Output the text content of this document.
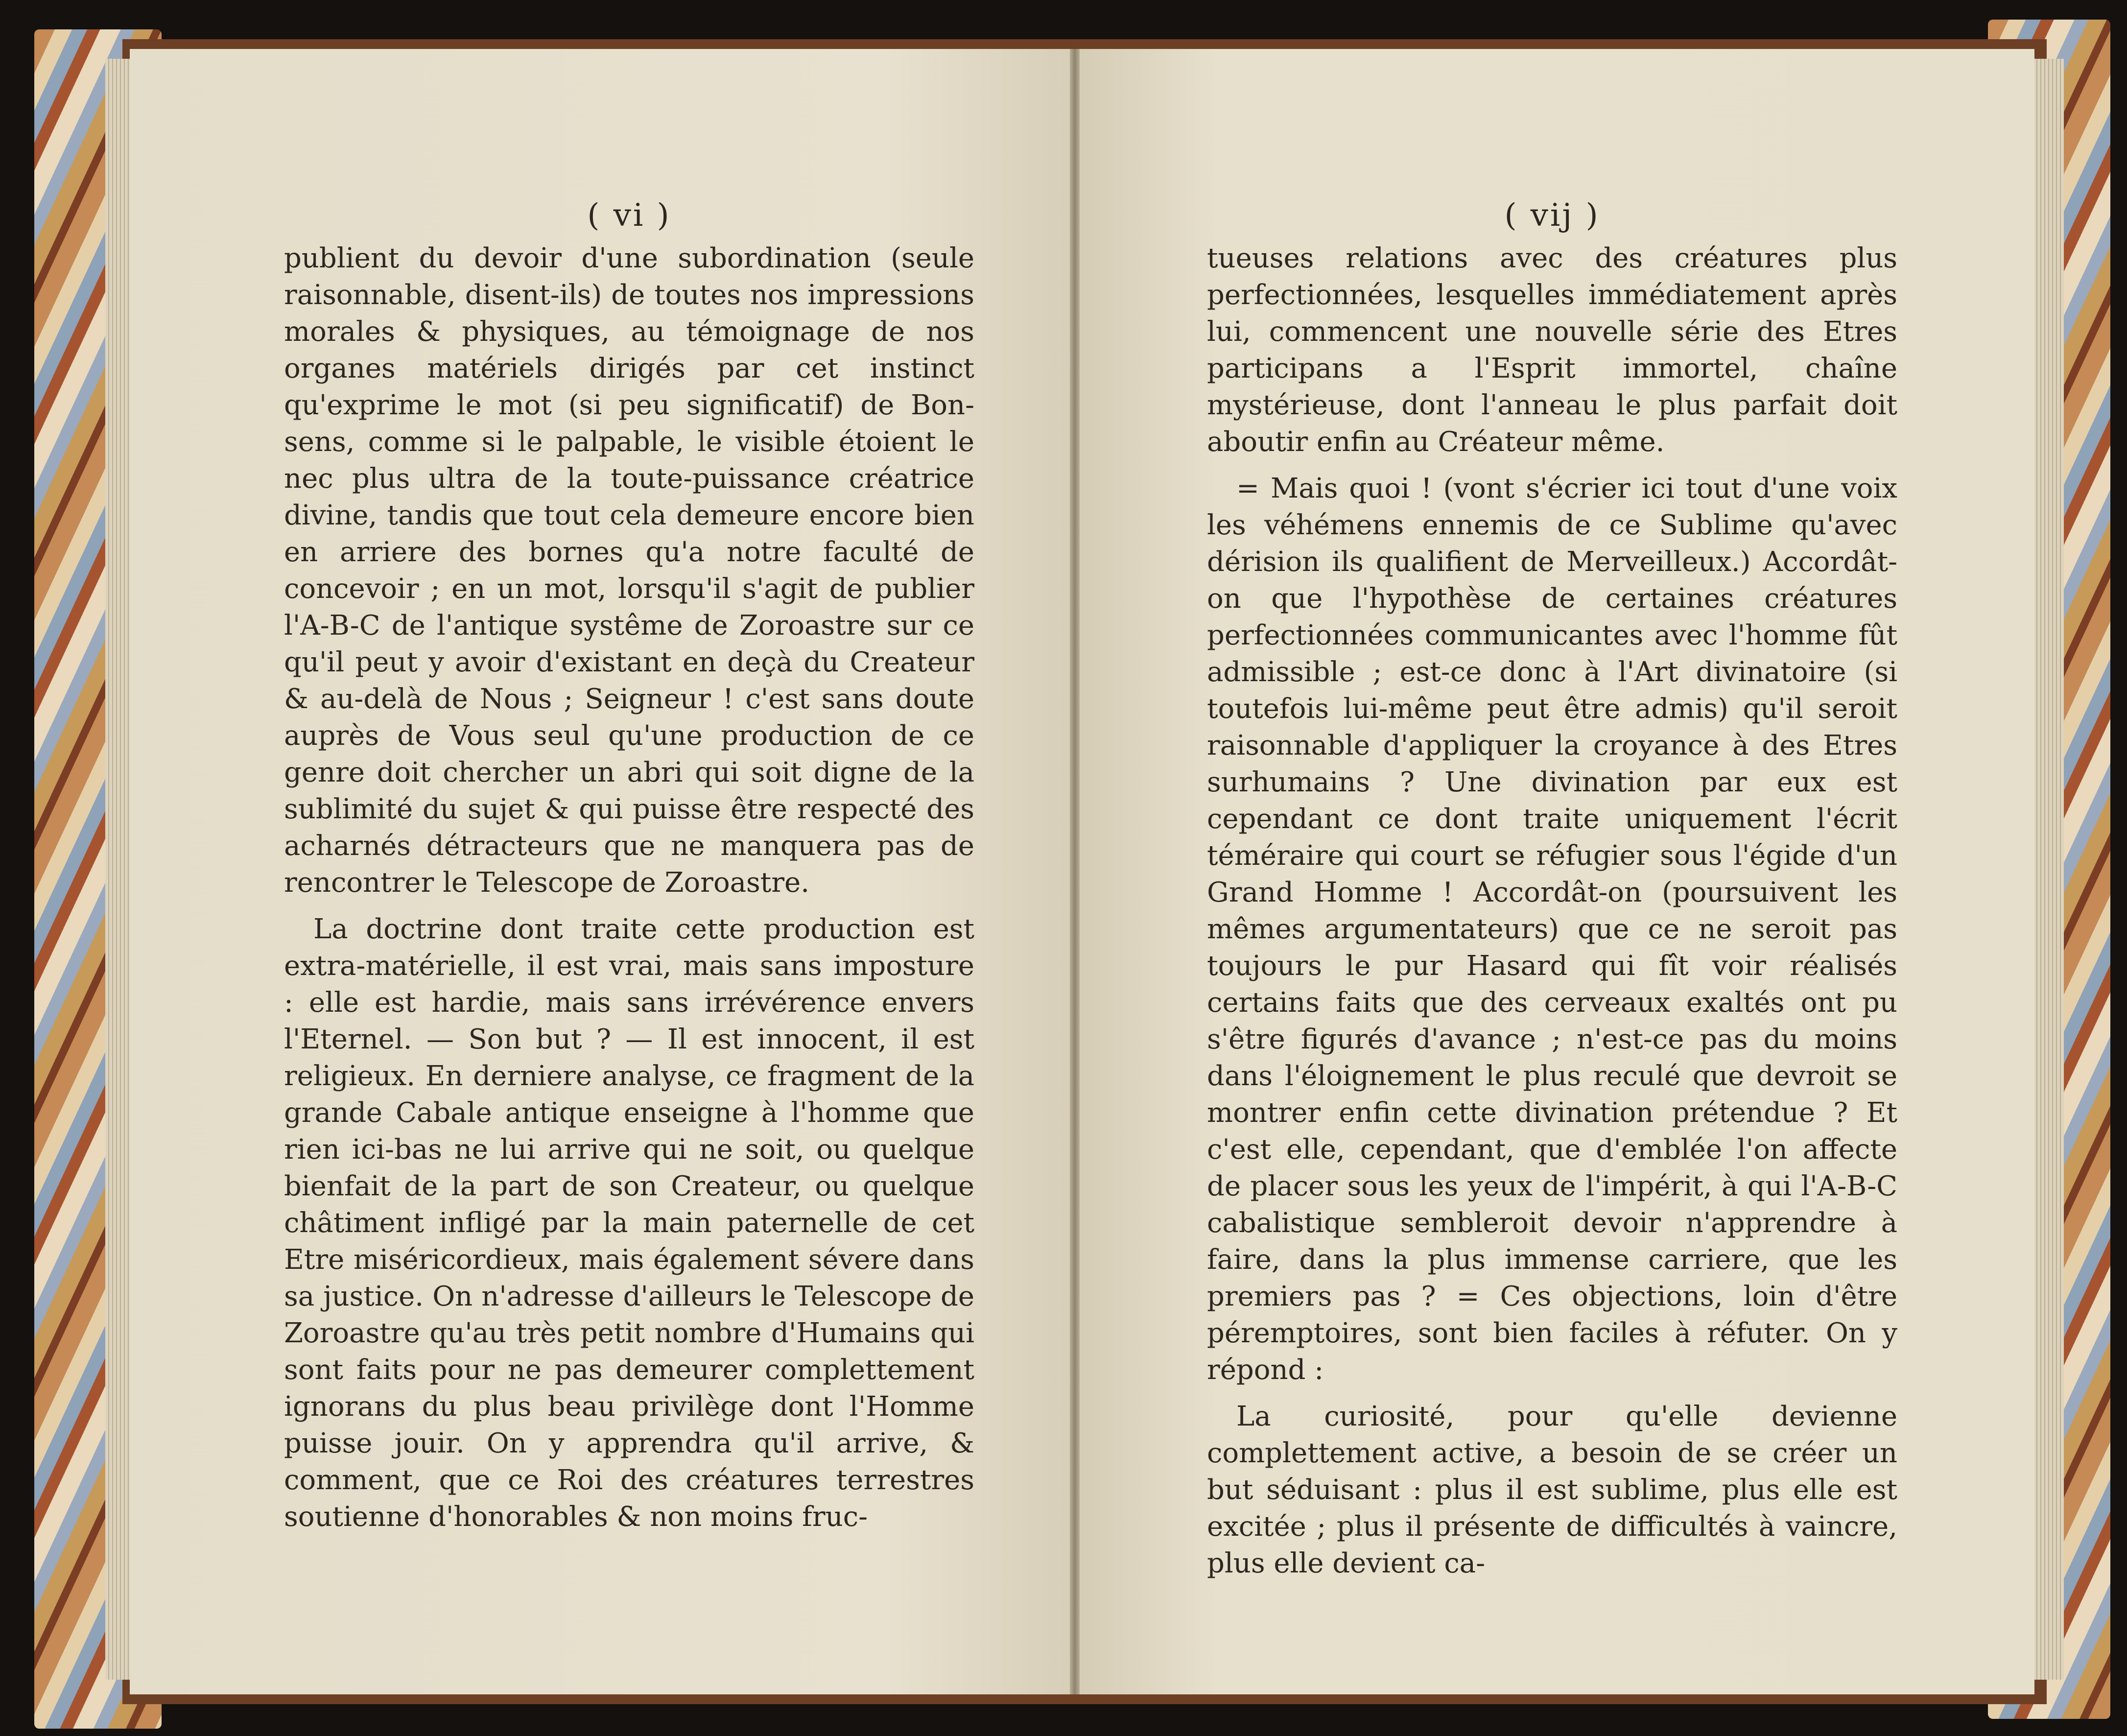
( vi )

publient du devoir d'une subordination (seule raisonnable, disent-ils) de toutes nos impressions morales & physiques, au témoignage de nos organes matériels dirigés par cet instinct qu'exprime le mot (si peu significatif) de Bon-sens, comme si le palpable, le visible étoient le nec plus ultra de la toute-puissance créatrice divine, tandis que tout cela demeure encore bien en arriere des bornes qu'a notre faculté de concevoir ; en un mot, lorsqu'il s'agit de publier l'A-B-C de l'antique systême de Zoroastre sur ce qu'il peut y avoir d'existant en deçà du Createur & au-delà de Nous ; Seigneur ! c'est sans doute auprès de Vous seul qu'une production de ce genre doit chercher un abri qui soit digne de la sublimité du sujet & qui puisse être respecté des acharnés détracteurs que ne manquera pas de rencontrer le Telescope de Zoroastre.

La doctrine dont traite cette production est extra-matérielle, il est vrai, mais sans imposture : elle est hardie, mais sans irrévérence envers l'Eternel. — Son but ? — Il est innocent, il est religieux. En derniere analyse, ce fragment de la grande Cabale antique enseigne à l'homme que rien ici-bas ne lui arrive qui ne soit, ou quelque bienfait de la part de son Createur, ou quelque châtiment infligé par la main paternelle de cet Etre miséricordieux, mais également sévere dans sa justice. On n'adresse d'ailleurs le Telescope de Zoroastre qu'au très petit nombre d'Humains qui sont faits pour ne pas demeurer complettement ignorans du plus beau privilège dont l'Homme puisse jouir. On y apprendra qu'il arrive, & comment, que ce Roi des créatures terrestres soutienne d'honorables & non moins fruc-

( vij )

tueuses relations avec des créatures plus perfectionnées, lesquelles immédiatement après lui, commencent une nouvelle série des Etres participans a l'Esprit immortel, chaîne mystérieuse, dont l'anneau le plus parfait doit aboutir enfin au Créateur même.

= Mais quoi ! (vont s'écrier ici tout d'une voix les véhémens ennemis de ce Sublime qu'avec dérision ils qualifient de Merveilleux.) Accordât-on que l'hypothèse de certaines créatures perfectionnées communicantes avec l'homme fût admissible ; est-ce donc à l'Art divinatoire (si toutefois lui-même peut être admis) qu'il seroit raisonnable d'appliquer la croyance à des Etres surhumains ? Une divination par eux est cependant ce dont traite uniquement l'écrit téméraire qui court se réfugier sous l'égide d'un Grand Homme ! Accordât-on (poursuivent les mêmes argumentateurs) que ce ne seroit pas toujours le pur Hasard qui fît voir réalisés certains faits que des cerveaux exaltés ont pu s'être figurés d'avance ; n'est-ce pas du moins dans l'éloignement le plus reculé que devroit se montrer enfin cette divination prétendue ? Et c'est elle, cependant, que d'emblée l'on affecte de placer sous les yeux de l'impérit, à qui l'A-B-C cabalistique sembleroit devoir n'apprendre à faire, dans la plus immense carriere, que les premiers pas ? = Ces objections, loin d'être péremptoires, sont bien faciles à réfuter. On y répond :

La curiosité, pour qu'elle devienne complettement active, a besoin de se créer un but séduisant : plus il est sublime, plus elle est excitée ; plus il présente de difficultés à vaincre, plus elle devient ca-
